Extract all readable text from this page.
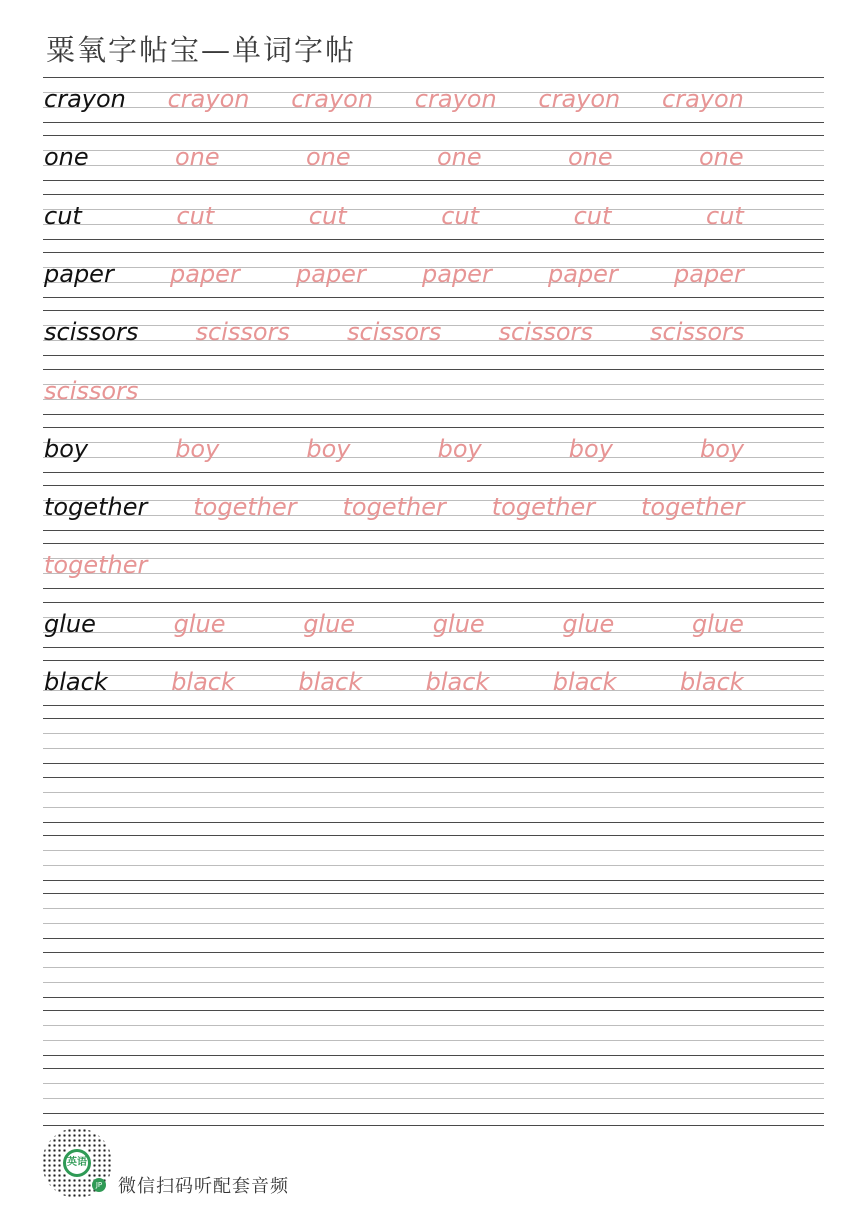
粟氧字帖宝—单词字帖
crayon crayon crayon crayon crayon crayon
one	one	one	one	one	one
cut	cut	cut	cut	cut	cut
paper paper paper paper paper paper
scissors scissors scissors scissors scissors
scissors
boy	boy	boy	boy	boy	boy
together together together together together
together
glue	glue	glue	glue	glue	glue
black	black	black	black	black	black
英语
JP 微信扫码听配套音频
